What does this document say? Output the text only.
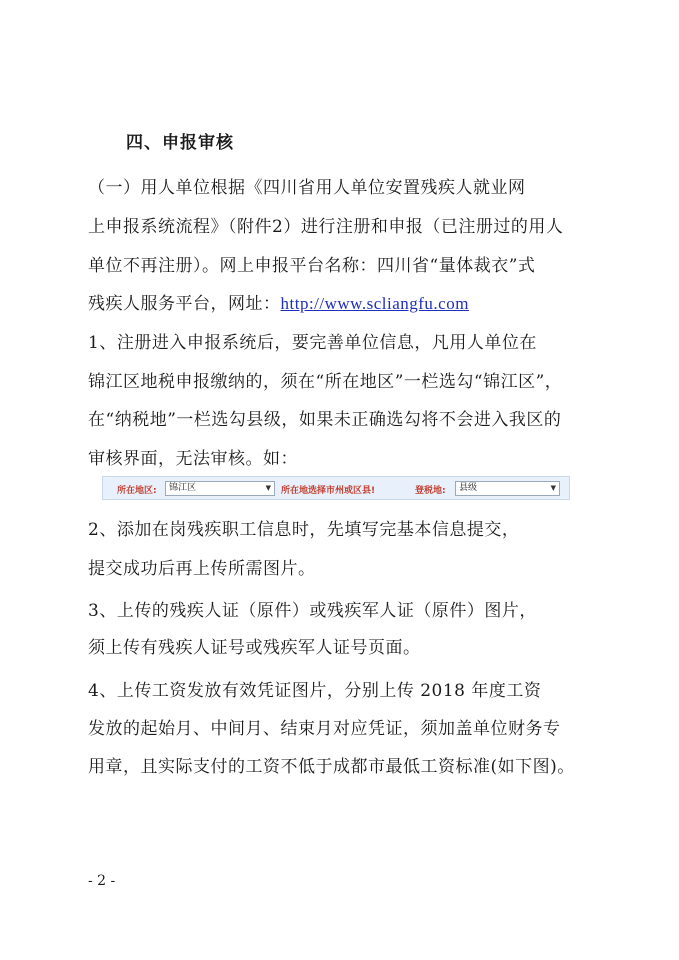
四、申报审核
（一）用人单位根据《四川省用人单位安置残疾人就业网
上申报系统流程》（附件2）进行注册和申报（已注册过的用人
单位不再注册）。网上申报平台名称：四川省“量体裁衣”式
残疾人服务平台，网址：http://www.scliangfu.com
1、注册进入申报系统后，要完善单位信息，凡用人单位在
锦江区地税申报缴纳的，须在“所在地区”一栏选勾“锦江区”，
在“纳税地”一栏选勾县级，如果未正确选勾将不会进入我区的
审核界面，无法审核。如：
所在地区:	锦江区	▼ 所在地选择市州或区县!	登税地:	县级	▼
2、添加在岗残疾职工信息时，先填写完基本信息提交，
提交成功后再上传所需图片。
3、上传的残疾人证（原件）或残疾军人证（原件）图片，
须上传有残疾人证号或残疾军人证号页面。
4、上传工资发放有效凭证图片，分别上传 2018 年度工资
发放的起始月、中间月、结束月对应凭证，须加盖单位财务专
用章，且实际支付的工资不低于成都市最低工资标准(如下图)。
- 2 -
